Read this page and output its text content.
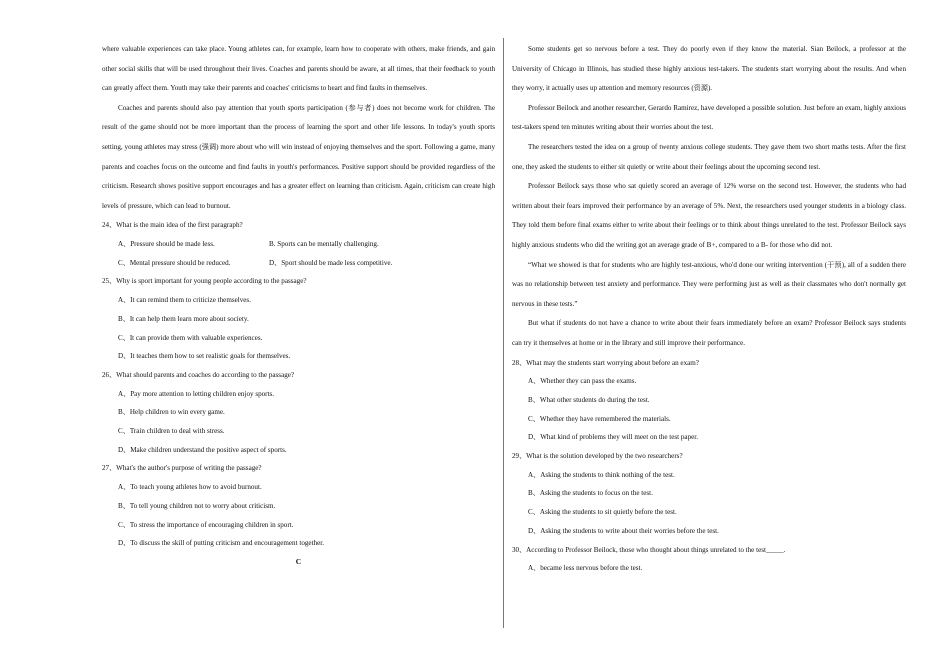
where valuable experiences can take place. Young athletes can, for example, learn how to cooperate with others, make friends, and gain other social skills that will be used throughout their lives. Coaches and parents should be aware, at all times, that their feedback to youth can greatly affect them. Youth may take their parents and coaches' criticisms to heart and find faults in themselves.

Coaches and parents should also pay attention that youth sports participation (参与者) does not become work for children. The result of the game should not be more important than the process of learning the sport and other life lessons. In today's youth sports setting, young athletes may stress (强调) more about who will win instead of enjoying themselves and the sport. Following a game, many parents and coaches focus on the outcome and find faults in youth's performances. Positive support should be provided regardless of the criticism. Research shows positive support encourages and has a greater effect on learning than criticism. Again, criticism can create high levels of pressure, which can lead to burnout.

24、What is the main idea of the first paragraph?

A、Pressure should be made less.	B. Sports can be mentally challenging.

C、Mental pressure should be reduced.	D、Sport should be made less competitive.

25、Why is sport important for young people according to the passage?

A、It can remind them to criticize themselves.

B、It can help them learn more about society.

C、It can provide them with valuable experiences.

D、It teaches them how to set realistic goals for themselves.

26、What should parents and coaches do according to the passage?

A、Pay more attention to letting children enjoy sports.

B、Help children to win every game.

C、Train children to deal with stress.

D、Make children understand the positive aspect of sports.

27、What's the author's purpose of writing the passage?

A、To teach young athletes how to avoid burnout.

B、To tell young children not to worry about criticism.

C、To stress the importance of encouraging children in sport.

D、To discuss the skill of putting criticism and encouragement together.

C

Some students get so nervous before a test. They do poorly even if they know the material. Sian Beilock, a professor at the University of Chicago in Illinois, has studied these highly anxious test-takers. The students start worrying about the results. And when they worry, it actually uses up attention and memory resources (资源).

Professor Beilock and another researcher, Gerardo Ramirez, have developed a possible solution. Just before an exam, highly anxious test-takers spend ten minutes writing about their worries about the test.

The researchers tested the idea on a group of twenty anxious college students. They gave them two short maths tests. After the first one, they asked the students to either sit quietly or write about their feelings about the upcoming second test.

Professor Beilock says those who sat quietly scored an average of 12% worse on the second test. However, the students who had written about their fears improved their performance by an average of 5%. Next, the researchers used younger students in a biology class. They told them before final exams either to write about their feelings or to think about things unrelated to the test. Professor Beilock says highly anxious students who did the writing got an average grade of B+, compared to a B- for those who did not.

“What we showed is that for students who are highly test-anxious, who'd done our writing intervention (干预), all of a sudden there was no relationship between test anxiety and performance. They were performing just as well as their classmates who don't normally get nervous in these tests.”

But what if students do not have a chance to write about their fears immediately before an exam? Professor Beilock says students can try it themselves at home or in the library and still improve their performance.

28、What may the students start worrying about before an exam?

A、Whether they can pass the exams.

B、What other students do during the test.

C、Whether they have remembered the materials.

D、What kind of problems they will meet on the test paper.

29、What is the solution developed by the two researchers?

A、Asking the students to think nothing of the test.

B、Asking the students to focus on the test.

C、Asking the students to sit quietly before the test.

D、Asking the students to write about their worries before the test.

30、According to Professor Beilock, those who thought about things unrelated to the test_____.

A、became less nervous before the test.
